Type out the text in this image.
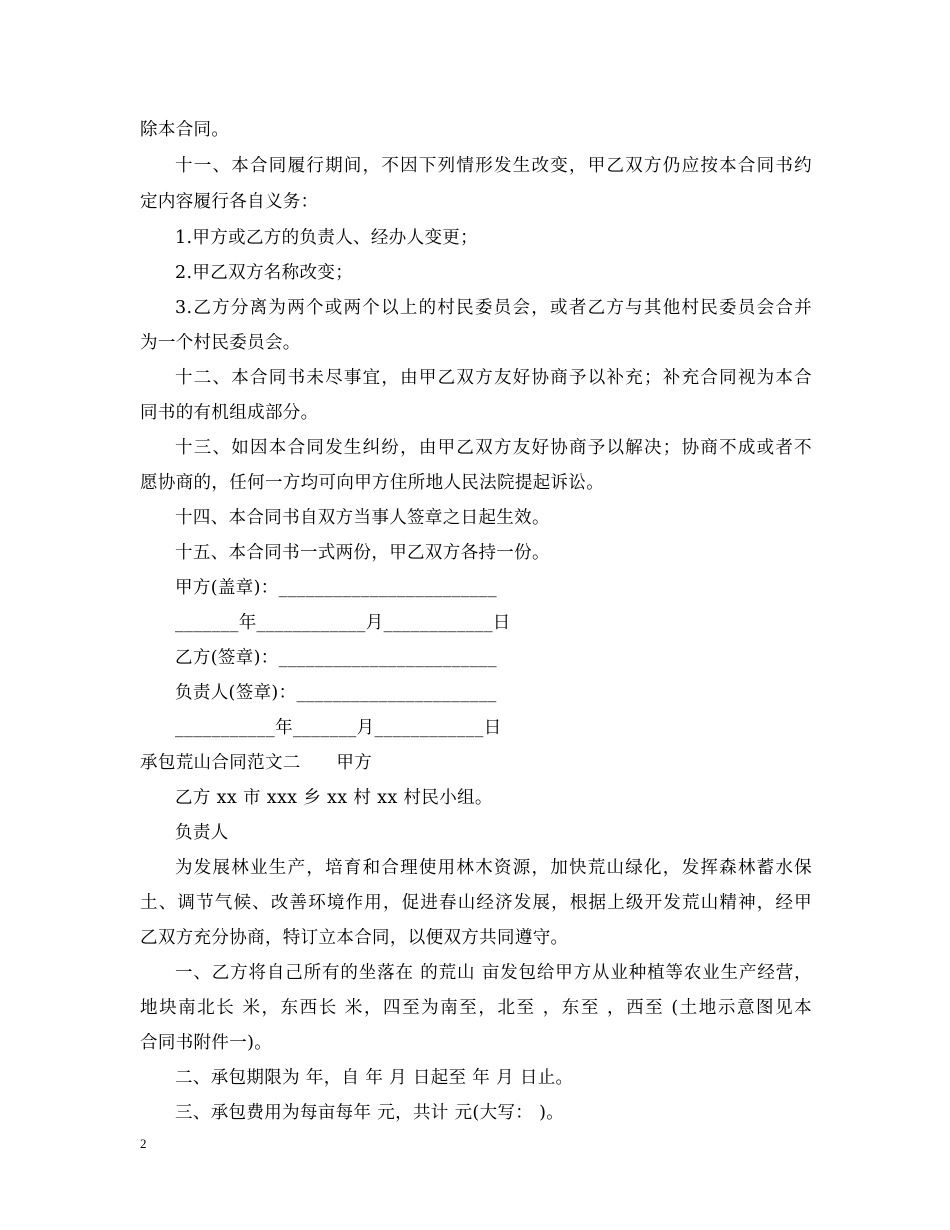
除本合同。
十一、本合同履行期间，不因下列情形发生改变，甲乙双方仍应按本合同书约
定内容履行各自义务：
1.甲方或乙方的负责人、经办人变更；
2.甲乙双方名称改变；
3.乙方分离为两个或两个以上的村民委员会，或者乙方与其他村民委员会合并
为一个村民委员会。
十二、本合同书未尽事宜，由甲乙双方友好协商予以补充；补充合同视为本合
同书的有机组成部分。
十三、如因本合同发生纠纷，由甲乙双方友好协商予以解决；协商不成或者不
愿协商的，任何一方均可向甲方住所地人民法院提起诉讼。
十四、本合同书自双方当事人签章之日起生效。
十五、本合同书一式两份，甲乙双方各持一份。
甲方(盖章)：________________________
_______年____________月____________日
乙方(签章)：________________________
负责人(签章)：______________________
___________年_______月____________日
承包荒山合同范文二　　甲方
乙方 xx 市 xxx 乡 xx 村 xx 村民小组。
负责人
为发展林业生产，培育和合理使用林木资源，加快荒山绿化，发挥森林蓄水保
土、调节气候、改善环境作用，促进春山经济发展，根据上级开发荒山精神，经甲
乙双方充分协商，特订立本合同，以便双方共同遵守。
一、乙方将自己所有的坐落在 的荒山 亩发包给甲方从业种植等农业生产经营，
地块南北长 米，东西长 米，四至为南至，北至 ，东至 ，西至 (土地示意图见本
合同书附件一)。
二、承包期限为 年，自 年 月 日起至 年 月 日止。
三、承包费用为每亩每年 元，共计 元(大写： )。
2
